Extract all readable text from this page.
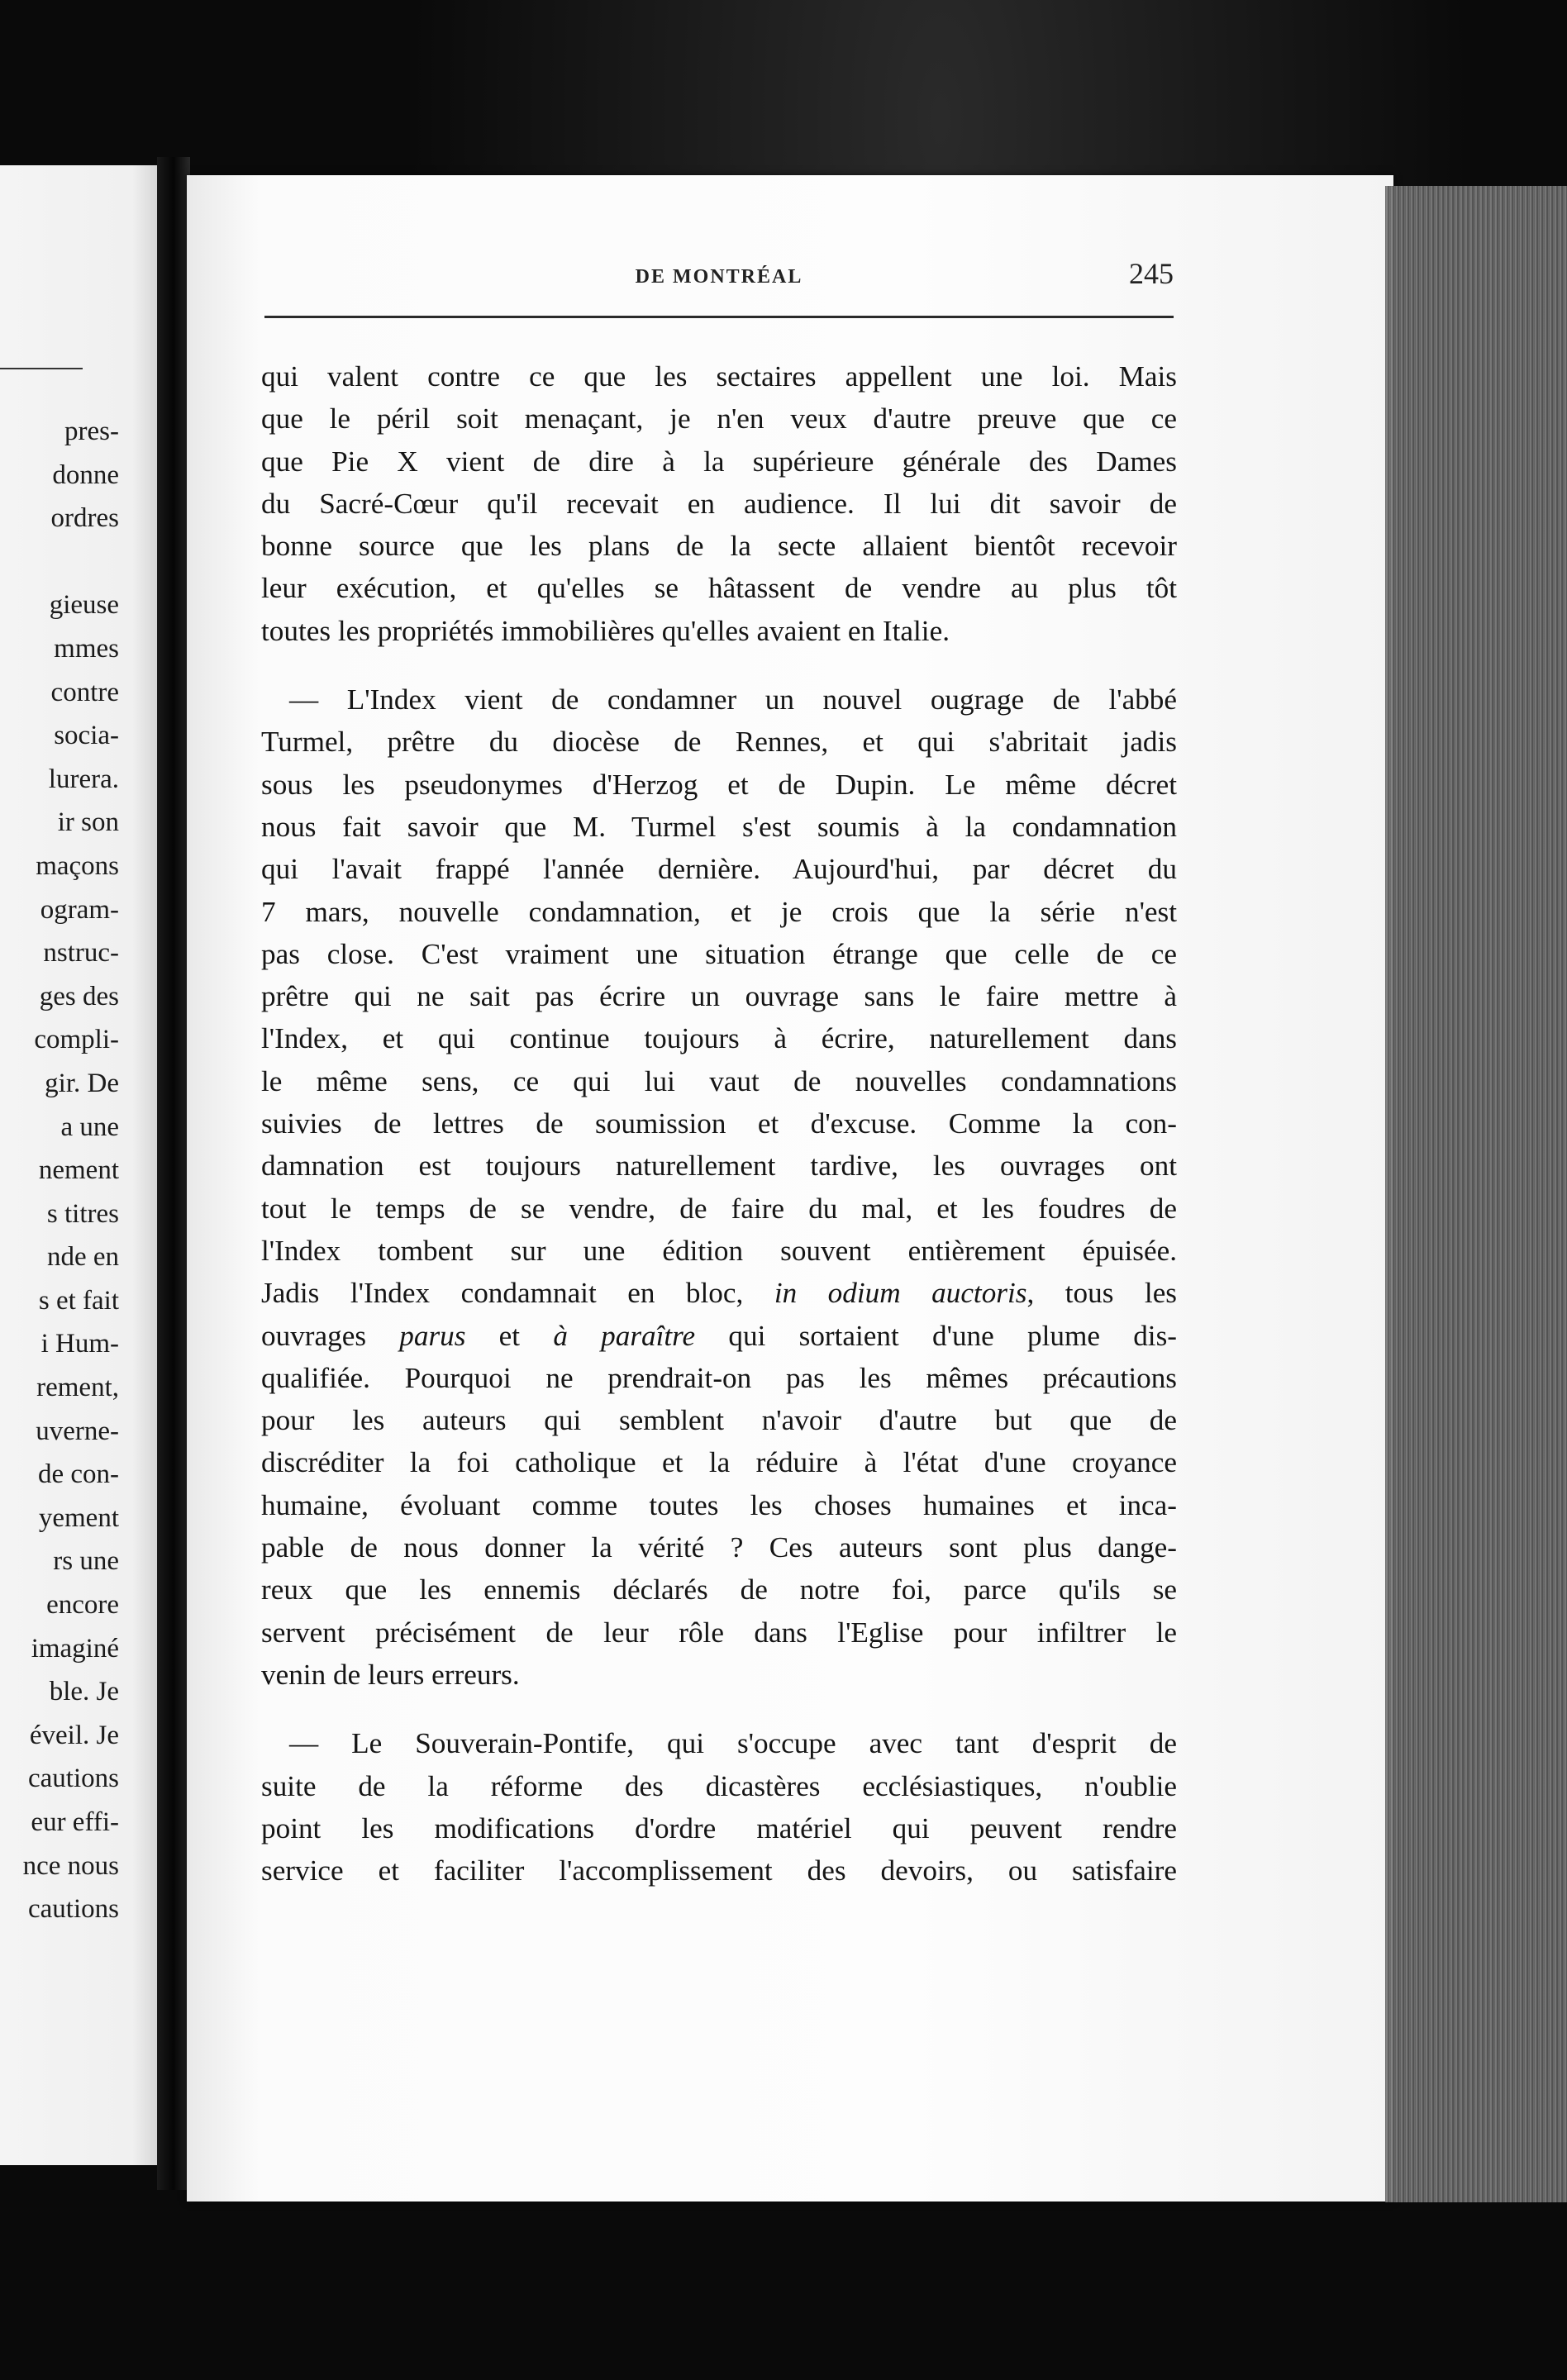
pres-
donne
ordres
gieuse
mmes
contre
socia-
lurera.
ir son
maçons
ogram-
nstruc-
ges des
compli-
gir. De
a une
nement
s titres
nde en
s et fait
i Hum-
rement,
uverne-
de con-
yement
rs une
encore
imaginé
ble. Je
éveil. Je
cautions
eur effi-
nce nous
cautions
DE MONTRÉAL	245

qui valent contre ce que les sectaires appellent une loi. Mais
que le péril soit menaçant, je n'en veux d'autre preuve que ce
que Pie X vient de dire à la supérieure générale des Dames
du Sacré-Cœur qu'il recevait en audience. Il lui dit savoir de
bonne source que les plans de la secte allaient bientôt recevoir
leur exécution, et qu'elles se hâtassent de vendre au plus tôt
toutes les propriétés immobilières qu'elles avaient en Italie.

— L'Index vient de condamner un nouvel ougrage de l'abbé
Turmel, prêtre du diocèse de Rennes, et qui s'abritait jadis
sous les pseudonymes d'Herzog et de Dupin. Le même décret
nous fait savoir que M. Turmel s'est soumis à la condamnation
qui l'avait frappé l'année dernière. Aujourd'hui, par décret du
7 mars, nouvelle condamnation, et je crois que la série n'est
pas close. C'est vraiment une situation étrange que celle de ce
prêtre qui ne sait pas écrire un ouvrage sans le faire mettre à
l'Index, et qui continue toujours à écrire, naturellement dans
le même sens, ce qui lui vaut de nouvelles condamnations
suivies de lettres de soumission et d'excuse. Comme la con-
damnation est toujours naturellement tardive, les ouvrages ont
tout le temps de se vendre, de faire du mal, et les foudres de
l'Index tombent sur une édition souvent entièrement épuisée.
Jadis l'Index condamnait en bloc, in odium auctoris, tous les
ouvrages parus et à paraître qui sortaient d'une plume dis-
qualifiée. Pourquoi ne prendrait-on pas les mêmes précautions
pour les auteurs qui semblent n'avoir d'autre but que de
discréditer la foi catholique et la réduire à l'état d'une croyance
humaine, évoluant comme toutes les choses humaines et inca-
pable de nous donner la vérité ? Ces auteurs sont plus dange-
reux que les ennemis déclarés de notre foi, parce qu'ils se
servent précisément de leur rôle dans l'Eglise pour infiltrer le
venin de leurs erreurs.

— Le Souverain-Pontife, qui s'occupe avec tant d'esprit de
suite de la réforme des dicastères ecclésiastiques, n'oublie
point les modifications d'ordre matériel qui peuvent rendre
service et faciliter l'accomplissement des devoirs, ou satisfaire
